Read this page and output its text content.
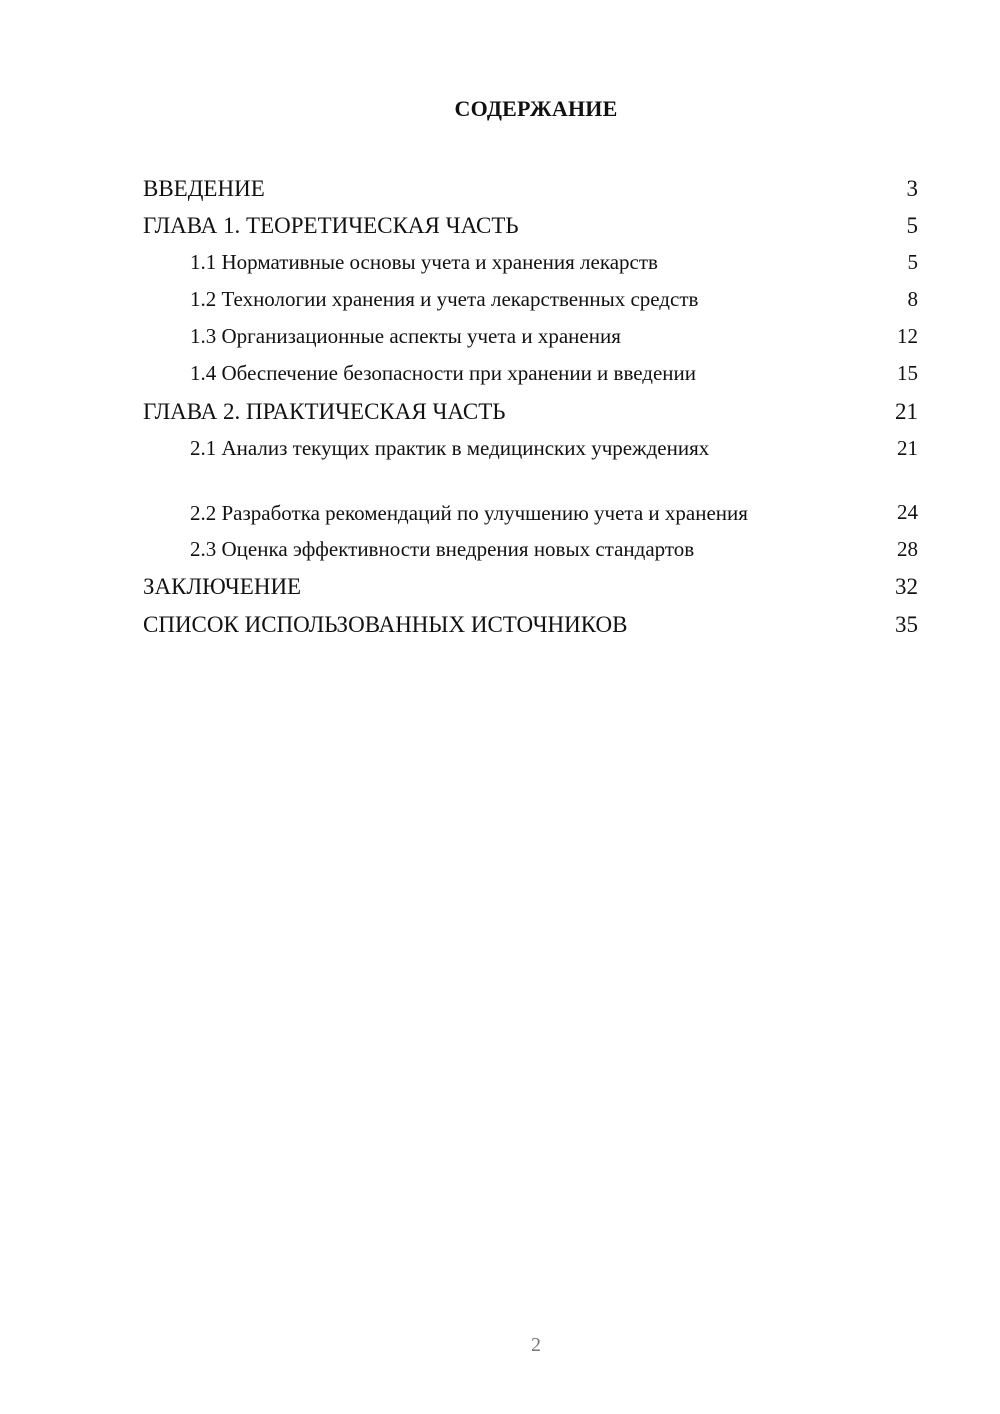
СОДЕРЖАНИЕ
ВВЕДЕНИЕ	3
ГЛАВА 1. ТЕОРЕТИЧЕСКАЯ ЧАСТЬ	5
1.1 Нормативные основы учета и хранения лекарств	5
1.2 Технологии хранения и учета лекарственных средств	8
1.3 Организационные аспекты учета и хранения	12
1.4 Обеспечение безопасности при хранении и введении	15
ГЛАВА 2. ПРАКТИЧЕСКАЯ ЧАСТЬ	21
2.1 Анализ текущих практик в медицинских учреждениях	21
2.2 Разработка рекомендаций по улучшению учета и хранения	24
2.3 Оценка эффективности внедрения новых стандартов	28
ЗАКЛЮЧЕНИЕ	32
СПИСОК ИСПОЛЬЗОВАННЫХ ИСТОЧНИКОВ	35
2
